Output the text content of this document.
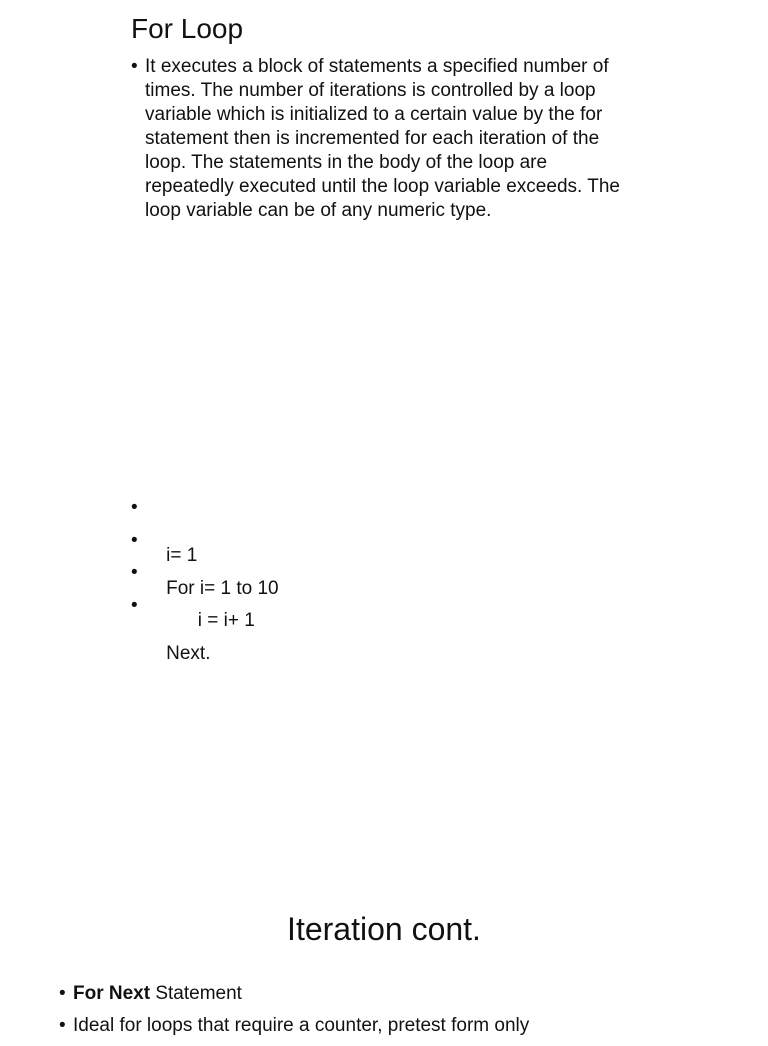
For Loop
• It executes a block of statements a specified number of times. The number of iterations is controlled by a loop variable which is initialized to a certain value by the for statement then is incremented for each iteration of the loop. The statements in the body of the loop are repeatedly executed until the loop variable exceeds. The loop variable can be of any numeric type.

•

i= 1

•

For i= 1 to 10

•

i = i+ 1

•

Next.

Iteration cont.
• For Next Statement
• Ideal for loops that require a counter, pretest form only
